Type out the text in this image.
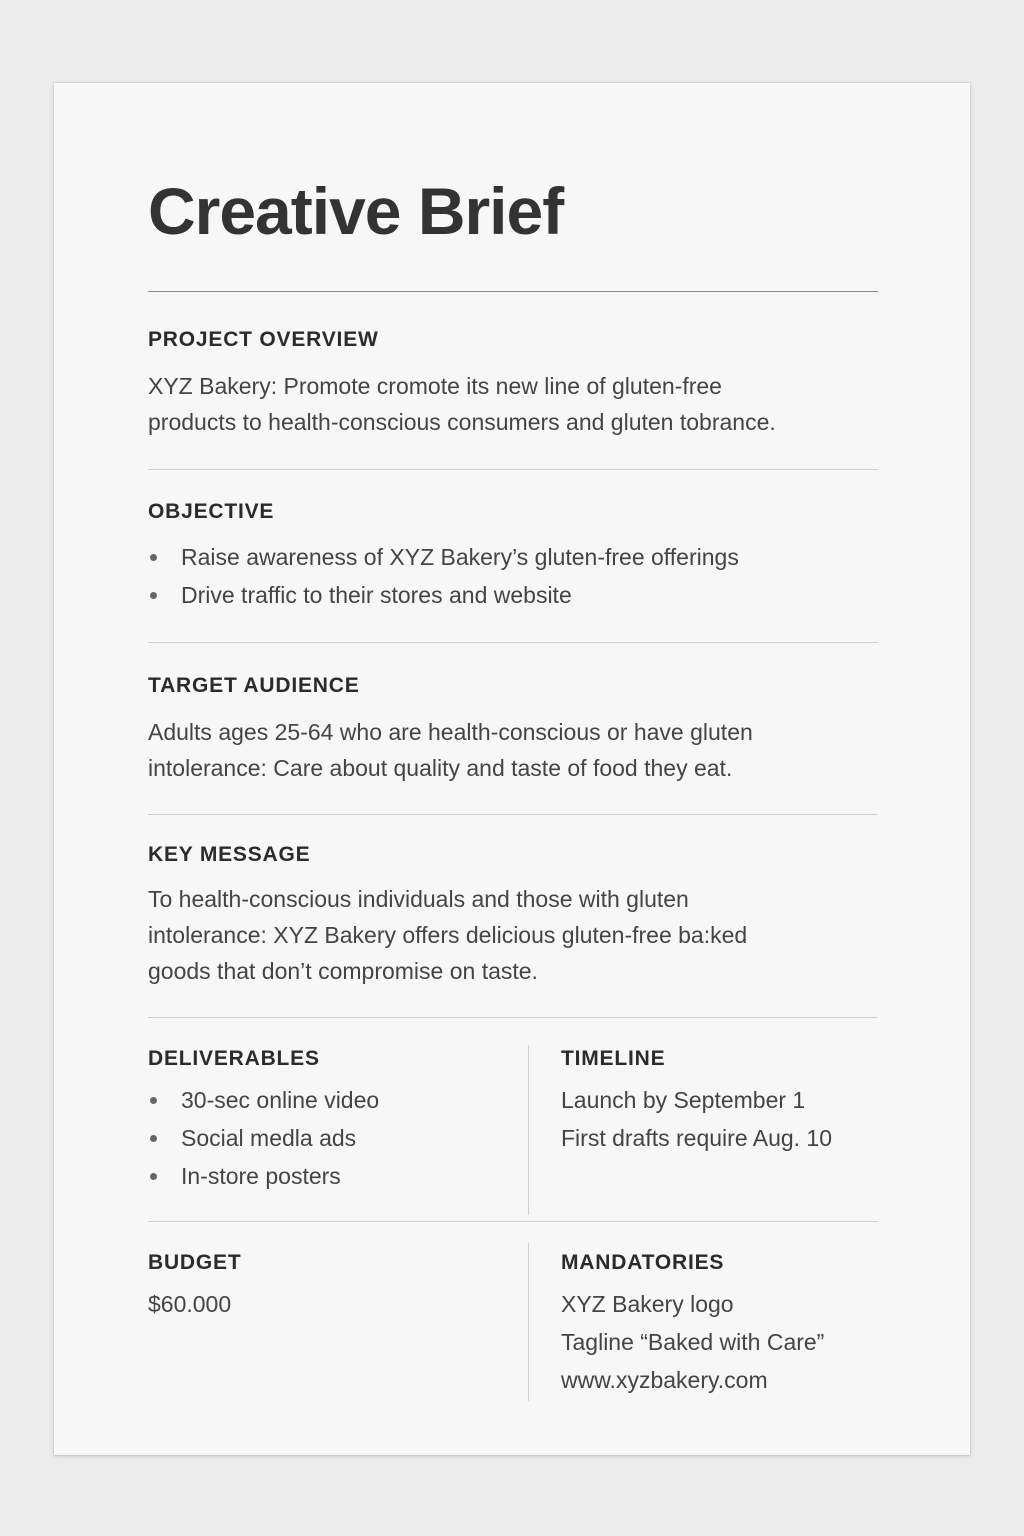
Creative Brief

PROJECT OVERVIEW

XYZ Bakery: Promote cromote its new line of gluten-free

products to health-conscious consumers and gluten tobrance.

OBJECTIVE

Raise awareness of XYZ Bakery’s gluten-free offerings
Drive traffic to their stores and website

TARGET AUDIENCE

Adults ages 25-64 who are health-conscious or have gluten

intolerance: Care about quality and taste of food they eat.

KEY MESSAGE

To health-conscious individuals and those with gluten

intolerance: XYZ Bakery offers delicious gluten-free ba:ked

goods that don’t compromise on taste.

DELIVERABLES

30-sec online video
Social medla ads
In-store posters

TIMELINE

Launch by September 1

First drafts require Aug. 10

BUDGET

$60.000

MANDATORIES

XYZ Bakery logo

Tagline “Baked with Care”

www.xyzbakery.com
